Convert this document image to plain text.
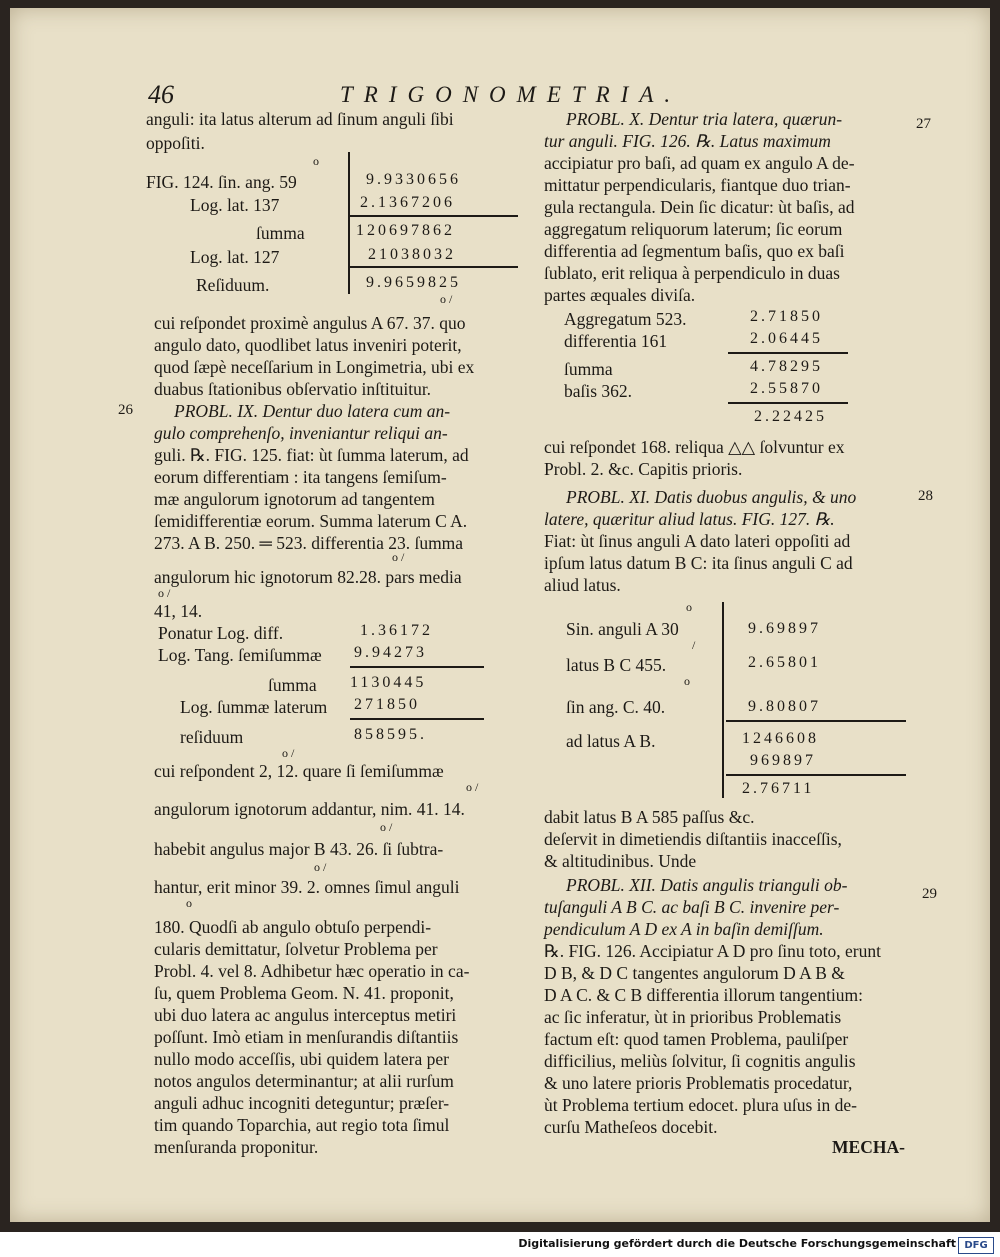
46	TRIGONOMETRIA.
27
26
28
29
anguli: ita latus alterum ad ſinum anguli ſibi
oppoſiti.
o
FIG. 124. ſin. ang. 59	9.9330656
Log. lat. 137	2.1367206
ſumma	120697862
Log. lat. 127	21038032
Reſiduum.	9.9659825
o /
cui reſpondet proximè angulus A 67. 37. quo
angulo dato, quodlibet latus inveniri poterit,
quod ſæpè neceſſarium in Longimetria, ubi ex
duabus ſtationibus obſervatio inſtituitur.
PROBL. IX. Dentur duo latera cum an-
gulo comprehenſo, inveniantur reliqui an-
guli. ℞. FIG. 125. fiat: ùt ſumma laterum, ad
eorum differentiam : ita tangens ſemiſum-
mæ angulorum ignotorum ad tangentem
ſemidifferentiæ eorum. Summa laterum C A.
273. A B. 250. ═ 523. differentia 23. ſumma
o /
angulorum hic ignotorum 82.28. pars media
o /
41, 14.
Ponatur Log. diff.	1.36172
Log. Tang. ſemiſummæ 9.94273
ſumma 1130445
Log. ſummæ laterum 271850
reſiduum	858595.
o /
cui reſpondent 2, 12. quare ſi ſemiſummæ
o /
angulorum ignotorum addantur, nim. 41. 14.
o /
habebit angulus major B 43. 26. ſi ſubtra-
o /
hantur, erit minor 39. 2. omnes ſimul anguli
o
180. Quodſi ab angulo obtuſo perpendi-
cularis demittatur, ſolvetur Problema per
Probl. 4. vel 8. Adhibetur hæc operatio in ca-
ſu, quem Problema Geom. N. 41. proponit,
ubi duo latera ac angulus interceptus metiri
poſſunt. Imò etiam in menſurandis diſtantiis
nullo modo acceſſis, ubi quidem latera per
notos angulos determinantur; at alii rurſum
anguli adhuc incogniti deteguntur; præſer-
tim quando Toparchia, aut regio tota ſimul
menſuranda proponitur.
PROBL. X. Dentur tria latera, quærun-
tur anguli. FIG. 126. ℞. Latus maximum
accipiatur pro baſi, ad quam ex angulo A de-
mittatur perpendicularis, fiantque duo trian-
gula rectangula. Dein ſic dicatur: ùt baſis, ad
aggregatum reliquorum laterum; ſic eorum
differentia ad ſegmentum baſis, quo ex baſi
ſublato, erit reliqua à perpendiculo in duas
partes æquales diviſa.
Aggregatum 523.	2.71850
differentia 161	2.06445
ſumma	4.78295
baſis 362.	2.55870
2.22425
cui reſpondet 168. reliqua △△ ſolvuntur ex
Probl. 2. &c. Capitis prioris.
PROBL. XI. Datis duobus angulis, & uno
latere, quæritur aliud latus. FIG. 127. ℞.
Fiat: ùt ſinus anguli A dato lateri oppoſiti ad
ipſum latus datum B C: ita ſinus anguli C ad
aliud latus.
o
Sin. anguli A 30	9.69897
/
latus B C 455.	2.65801
o
ſin ang. C. 40.	9.80807
ad latus A B.	1246608
969897
2.76711
dabit latus B A 585 paſſus &c.
deſervit in dimetiendis diſtantiis inacceſſis,
& altitudinibus. Unde
PROBL. XII. Datis angulis trianguli ob-
tuſanguli A B C. ac baſi B C. invenire per-
pendiculum A D ex A in baſin demiſſum.
℞. FIG. 126. Accipiatur A D pro ſinu toto, erunt
D B, & D C tangentes angulorum D A B &
D A C. & C B differentia illorum tangentium:
ac ſic inferatur, ùt in prioribus Problematis
factum eſt: quod tamen Problema, pauliſper
difficilius, meliùs ſolvitur, ſi cognitis angulis
& uno latere prioris Problematis procedatur,
ùt Problema tertium edocet. plura uſus in de-
curſu Matheſeos docebit.
MECHA-
Digitalisierung gefördert durch die Deutsche Forschungsgemeinschaft DFG
